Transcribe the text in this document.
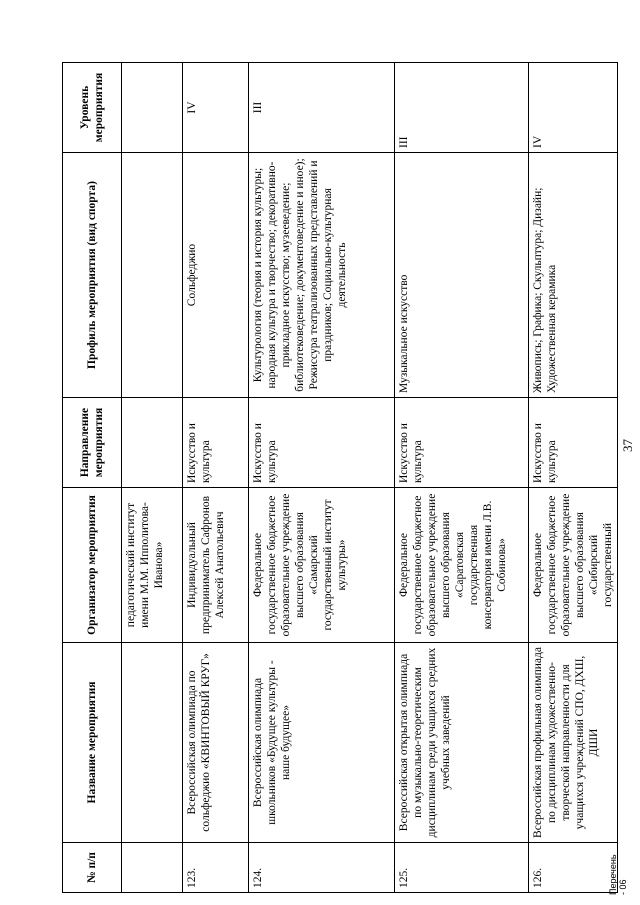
37
Перечень - 06
№ п/п	Название мероприятия	Организатор мероприятия	Направление мероприятия	Профиль мероприятия (вид спорта)	Уровень мероприятия
		педагогический институт имени М.М. Ипполитова-Иванова»			
123.	Всероссийская олимпиада по сольфеджио «КВИНТОВЫЙ КРУГ»	Индивидуальный предприниматель Сафронов Алексей Анатольевич	Искусство и культура	Сольфеджио	IV
124.	Всероссийская олимпиада школьников «Будущее культуры - наше будущее»	Федеральное государственное бюджетное образовательное учреждение высшего образования «Самарский государственный институт культуры»	Искусство и культура	Культурология (теория и история культуры; народная культура и творчество; декоративно-прикладное искусство; музееведение; библиотековедение; документоведение и иное); Режиссура театрализованных представлений и праздников; Социально-культурная деятельность	III
125.	Всероссийская открытая олимпиада по музыкально-теоретическим дисциплинам среди учащихся средних учебных заведений	Федеральное государственное бюджетное образовательное учреждение высшего образования «Саратовская государственная консерватория имени Л.В. Собинова»	Искусство и культура	Музыкальное искусство	III
126.	Всероссийская профильная олимпиада по дисциплинам художественно-творческой направленности для учащихся учреждений СПО, ДХШ, ДШИ	Федеральное государственное бюджетное образовательное учреждение высшего образования «Сибирский государственный	Искусство и культура	Живопись; Графика; Скульптура; Дизайн; Художественная керамика	IV
